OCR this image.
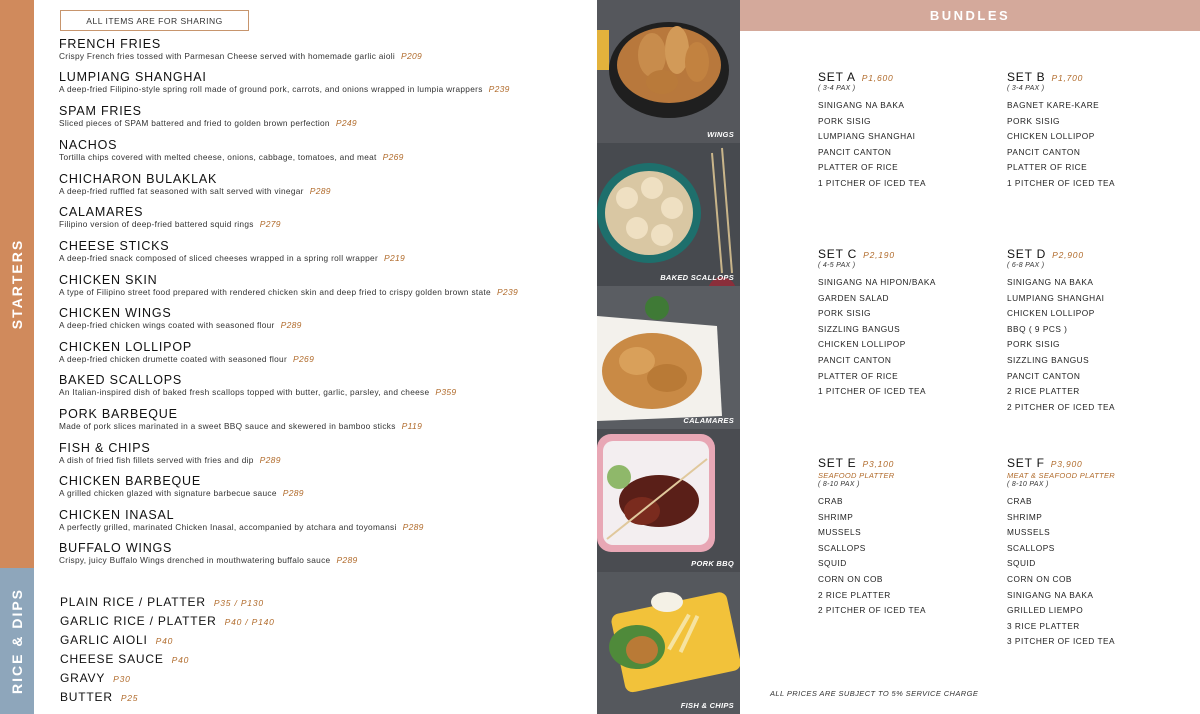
STARTERS
RICE & DIPS
ALL ITEMS ARE FOR SHARING
FRENCH FRIES
Crispy French fries tossed with Parmesan Cheese served with homemade garlic aioli P209
LUMPIANG SHANGHAI
A deep-fried Filipino-style spring roll made of ground pork, carrots, and onions wrapped in lumpia wrappers P239
SPAM FRIES
Sliced pieces of SPAM battered and fried to golden brown perfection P249
NACHOS
Tortilla chips covered with melted cheese, onions, cabbage, tomatoes, and meat P269
CHICHARON BULAKLAK
A deep-fried ruffled fat seasoned with salt served with vinegar P289
CALAMARES
Filipino version of deep-fried battered squid rings P279
CHEESE STICKS
A deep-fried snack composed of sliced cheeses wrapped in a spring roll wrapper P219
CHICKEN SKIN
A type of Filipino street food prepared with rendered chicken skin and deep fried to crispy golden brown state P239
CHICKEN WINGS
A deep-fried chicken wings coated with seasoned flour P289
CHICKEN LOLLIPOP
A deep-fried chicken drumette coated with seasoned flour P269
BAKED SCALLOPS
An Italian-inspired dish of baked fresh scallops topped with butter, garlic, parsley, and cheese P359
PORK BARBEQUE
Made of pork slices marinated in a sweet BBQ sauce and skewered in bamboo sticks P119
FISH & CHIPS
A dish of fried fish fillets served with fries and dip P289
CHICKEN BARBEQUE
A grilled chicken glazed with signature barbecue sauce P289
CHICKEN INASAL
A perfectly grilled, marinated Chicken Inasal, accompanied by atchara and toyomansi P289
BUFFALO WINGS
Crispy, juicy Buffalo Wings drenched in mouthwatering buffalo sauce P289
PLAIN RICE / PLATTER P35 / P130
GARLIC RICE / PLATTER P40 / P140
GARLIC AIOLI P40
CHEESE SAUCE P40
GRAVY P30
BUTTER P25
WINGS
BAKED SCALLOPS
CALAMARES
PORK BBQ
FISH & CHIPS
BUNDLES
SET A P1,600
( 3-4 PAX )
SINIGANG NA BAKA
PORK SISIG
LUMPIANG SHANGHAI
PANCIT CANTON
PLATTER OF RICE
1 PITCHER OF ICED TEA
SET B P1,700
( 3-4 PAX )
BAGNET KARE-KARE
PORK SISIG
CHICKEN LOLLIPOP
PANCIT CANTON
PLATTER OF RICE
1 PITCHER OF ICED TEA
SET C P2,190
( 4-5 PAX )
SINIGANG NA HIPON/BAKA
GARDEN SALAD
PORK SISIG
SIZZLING BANGUS
CHICKEN LOLLIPOP
PANCIT CANTON
PLATTER OF RICE
1 PITCHER OF ICED TEA
SET D P2,900
( 6-8 PAX )
SINIGANG NA BAKA
LUMPIANG SHANGHAI
CHICKEN LOLLIPOP
BBQ ( 9 PCS )
PORK SISIG
SIZZLING BANGUS
PANCIT CANTON
2 RICE PLATTER
2 PITCHER OF ICED TEA
SET E P3,100
SEAFOOD PLATTER
( 8-10 PAX )
CRAB
SHRIMP
MUSSELS
SCALLOPS
SQUID
CORN ON COB
2 RICE PLATTER
2 PITCHER OF ICED TEA
SET F P3,900
MEAT & SEAFOOD PLATTER
( 8-10 PAX )
CRAB
SHRIMP
MUSSELS
SCALLOPS
SQUID
CORN ON COB
SINIGANG NA BAKA
GRILLED LIEMPO
3 RICE PLATTER
3 PITCHER OF ICED TEA
ALL PRICES ARE SUBJECT TO 5% SERVICE CHARGE
